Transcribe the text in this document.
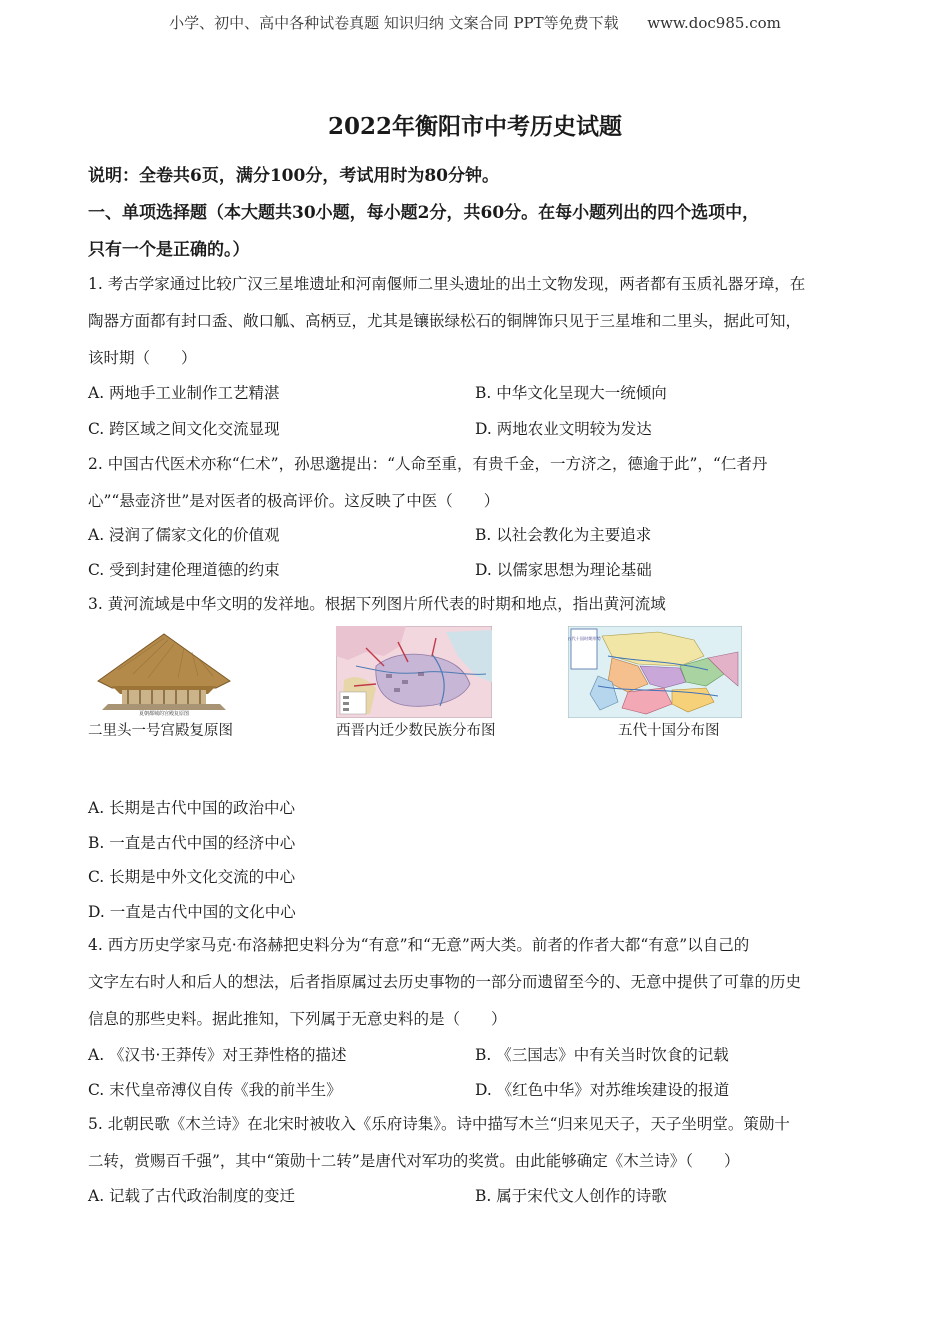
小学、初中、高中各种试卷真题 知识归纳 文案合同 PPT等免费下载 www.doc985.com
2022年衡阳市中考历史试题
说明：全卷共6页，满分100分，考试用时为80分钟。
一、单项选择题（本大题共30小题，每小题2分，共60分。在每小题列出的四个选项中，
只有一个是正确的。）
1. 考古学家通过比较广汉三星堆遗址和河南偃师二里头遗址的出土文物发现，两者都有玉质礼器牙璋，在
陶器方面都有封口盉、敞口觚、高柄豆，尤其是镶嵌绿松石的铜牌饰只见于三星堆和二里头，据此可知，
该时期（　　）
A. 两地手工业制作工艺精湛	B. 中华文化呈现大一统倾向
C. 跨区域之间文化交流显现	D. 两地农业文明较为发达
2. 中国古代医术亦称“仁术”，孙思邈提出：“人命至重，有贵千金，一方济之，德逾于此”，“仁者丹
心”“悬壶济世”是对医者的极高评价。这反映了中医（　　）
A. 浸润了儒家文化的价值观	B. 以社会教化为主要追求
C. 受到封建伦理道德的约束	D. 以儒家思想为理论基础
3. 黄河流域是中华文明的发祥地。根据下列图片所代表的时期和地点，指出黄河流域
夏朝都城的宫殿复原图
二里头一号宫殿复原图	西晋内迁少数民族分布图
五代十国时期形势
五代十国分布图
A. 长期是古代中国的政治中心
B. 一直是古代中国的经济中心
C. 长期是中外文化交流的中心
D. 一直是古代中国的文化中心
4. 西方历史学家马克·布洛赫把史料分为“有意”和“无意”两大类。前者的作者大都“有意”以自己的
文字左右时人和后人的想法，后者指原属过去历史事物的一部分而遗留至今的、无意中提供了可靠的历史
信息的那些史料。据此推知，下列属于无意史料的是（　　）
A. 《汉书·王莽传》对王莽性格的描述	B. 《三国志》中有关当时饮食的记载
C. 末代皇帝溥仪自传《我的前半生》	D. 《红色中华》对苏维埃建设的报道
5. 北朝民歌《木兰诗》在北宋时被收入《乐府诗集》。诗中描写木兰“归来见天子，天子坐明堂。策勋十
二转，赏赐百千强”，其中“策勋十二转”是唐代对军功的奖赏。由此能够确定《木兰诗》（　　）
A. 记载了古代政治制度的变迁	B. 属于宋代文人创作的诗歌
